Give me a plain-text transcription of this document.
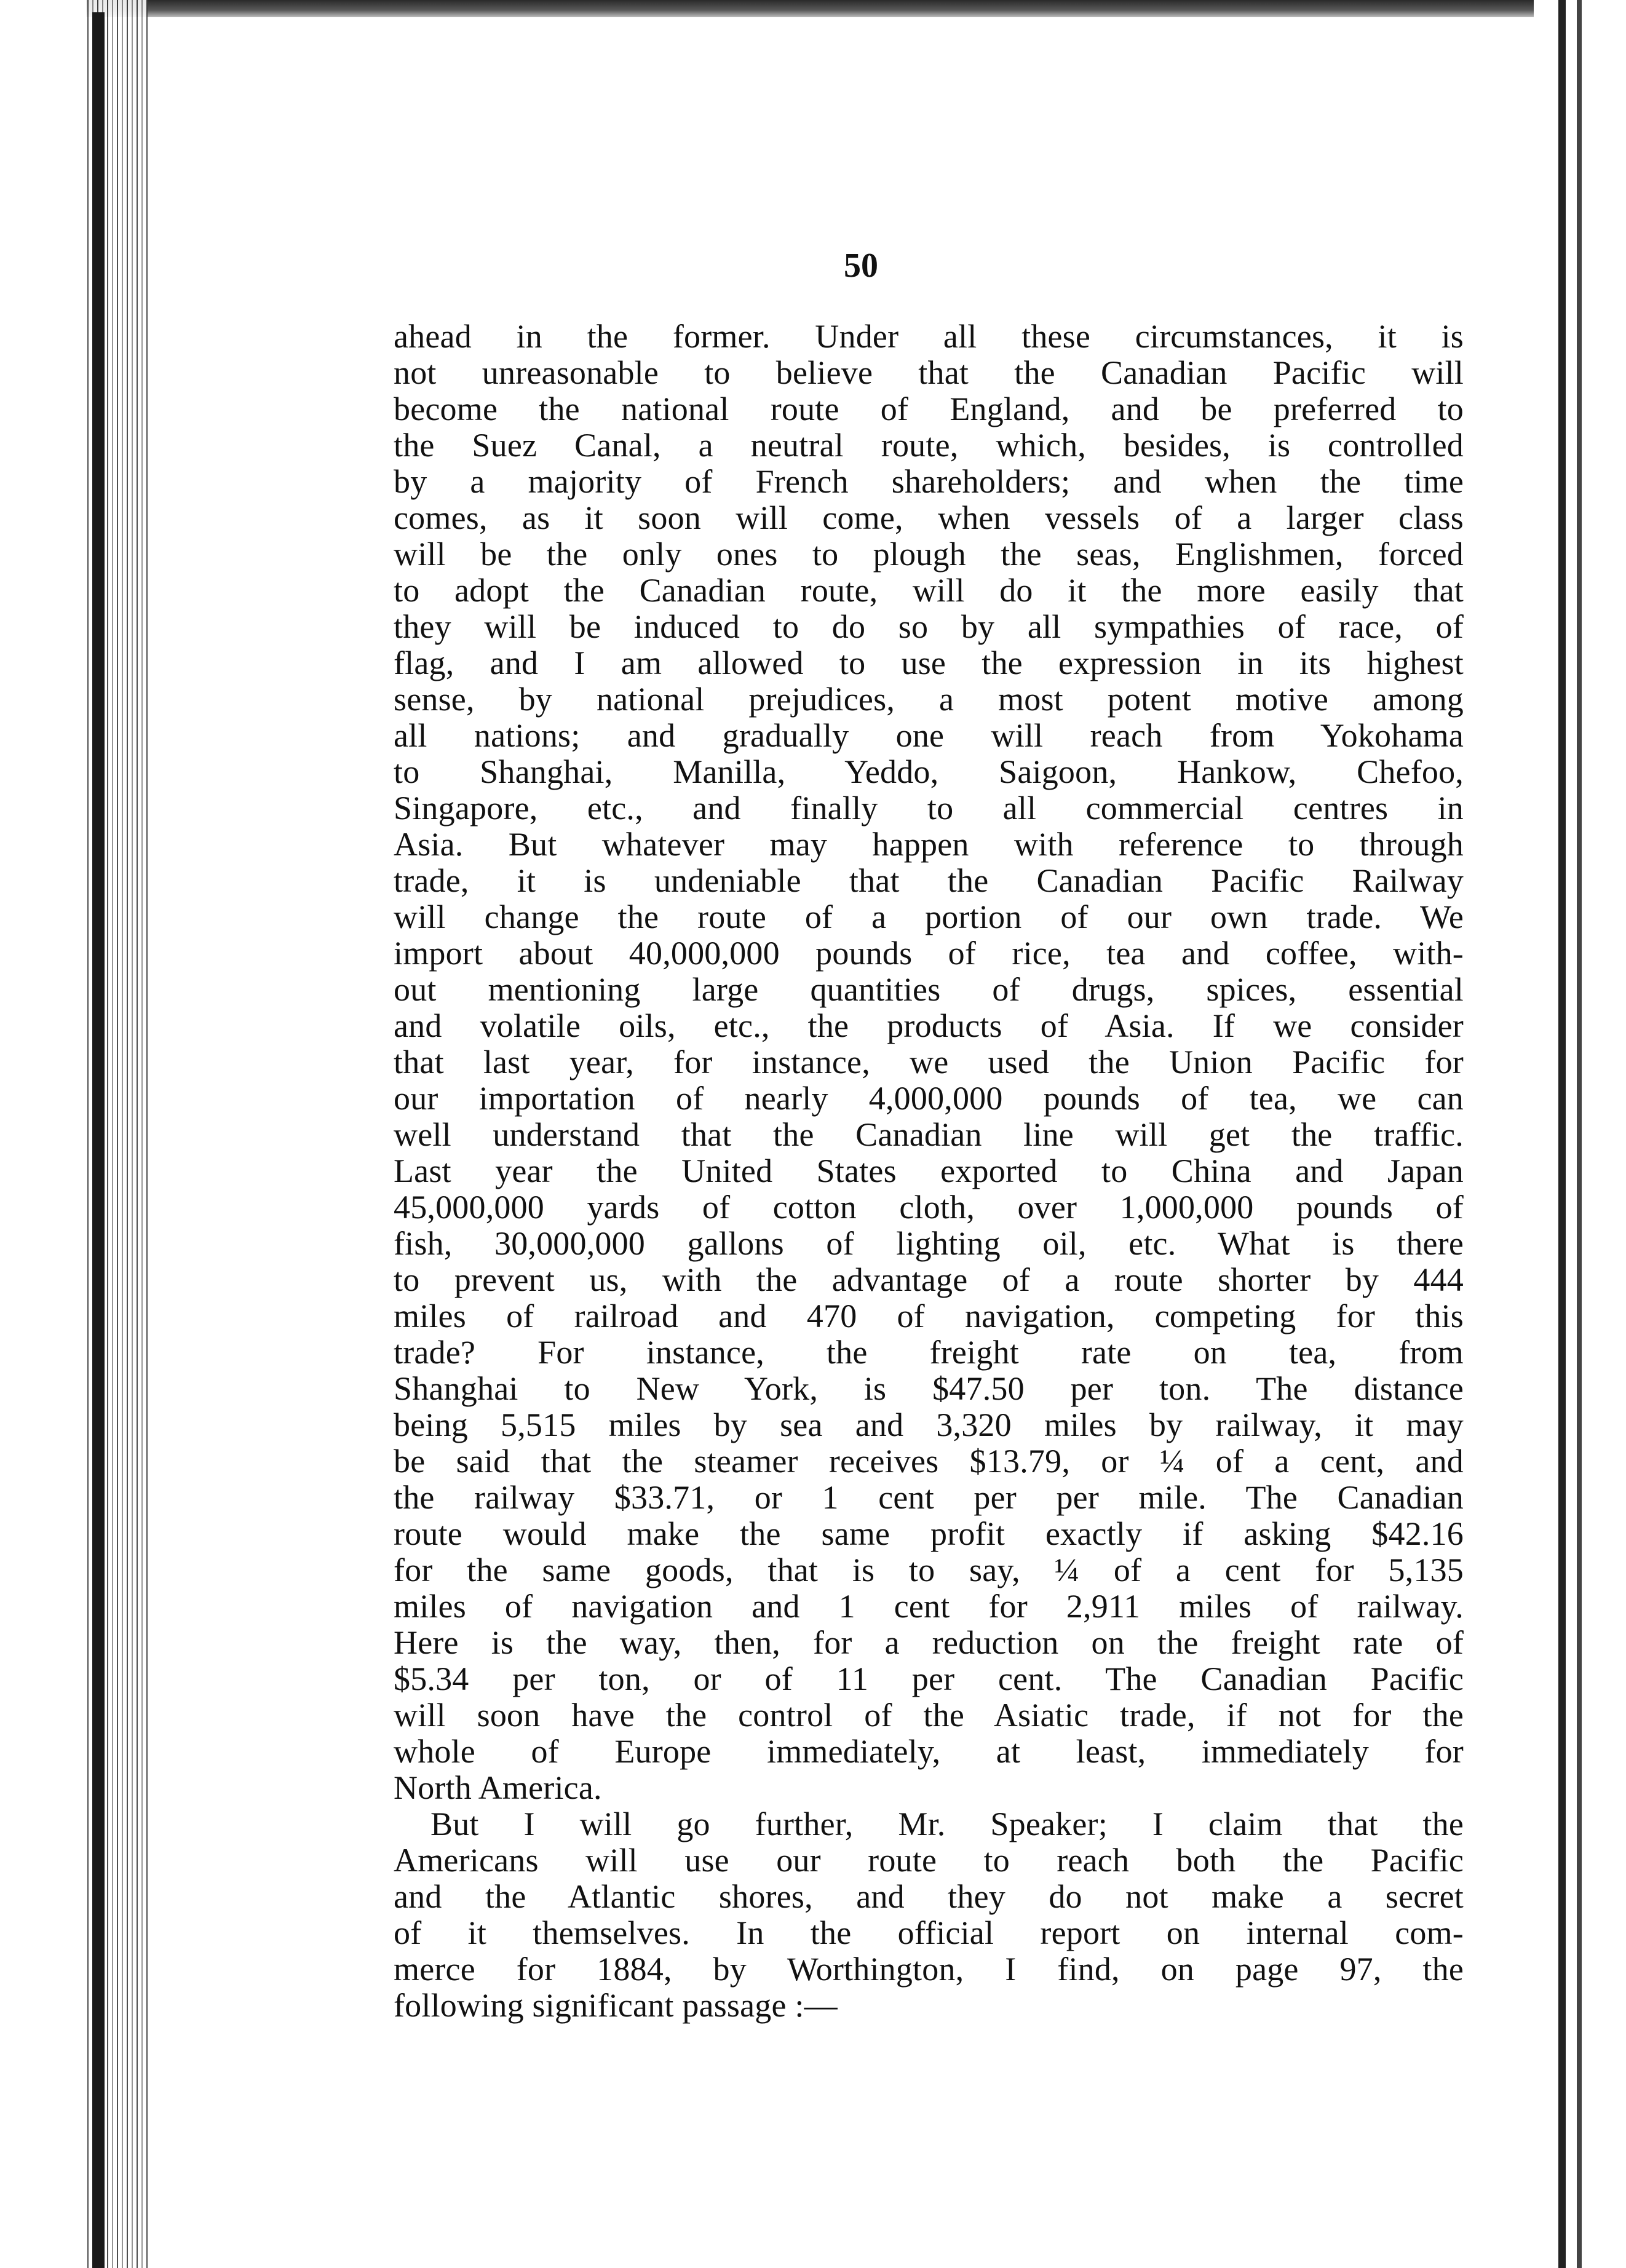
50
ahead in the former. Under all these circumstances, it is
not unreasonable to believe that the Canadian Pacific will
become the national route of England, and be preferred to
the Suez Canal, a neutral route, which, besides, is controlled
by a majority of French shareholders; and when the time
comes, as it soon will come, when vessels of a larger class
will be the only ones to plough the seas, Englishmen, forced
to adopt the Canadian route, will do it the more easily that
they will be induced to do so by all sympathies of race, of
flag, and I am allowed to use the expression in its highest
sense, by national prejudices, a most potent motive among
all nations; and gradually one will reach from Yokohama
to Shanghai, Manilla, Yeddo, Saigoon, Hankow, Chefoo,
Singapore, etc., and finally to all commercial centres in
Asia. But whatever may happen with reference to through
trade, it is undeniable that the Canadian Pacific Railway
will change the route of a portion of our own trade. We
import about 40,000,000 pounds of rice, tea and coffee, with-
out mentioning large quantities of drugs, spices, essential
and volatile oils, etc., the products of Asia. If we consider
that last year, for instance, we used the Union Pacific for
our importation of nearly 4,000,000 pounds of tea, we can
well understand that the Canadian line will get the traffic.
Last year the United States exported to China and Japan
45,000,000 yards of cotton cloth, over 1,000,000 pounds of
fish, 30,000,000 gallons of lighting oil, etc. What is there
to prevent us, with the advantage of a route shorter by 444
miles of railroad and 470 of navigation, competing for this
trade? For instance, the freight rate on tea, from
Shanghai to New York, is $47.50 per ton. The distance
being 5,515 miles by sea and 3,320 miles by railway, it may
be said that the steamer receives $13.79, or ¼ of a cent, and
the railway $33.71, or 1 cent per per mile. The Canadian
route would make the same profit exactly if asking $42.16
for the same goods, that is to say, ¼ of a cent for 5,135
miles of navigation and 1 cent for 2,911 miles of railway.
Here is the way, then, for a reduction on the freight rate of
$5.34 per ton, or of 11 per cent. The Canadian Pacific
will soon have the control of the Asiatic trade, if not for the
whole of Europe immediately, at least, immediately for
North America.
But I will go further, Mr. Speaker; I claim that the
Americans will use our route to reach both the Pacific
and the Atlantic shores, and they do not make a secret
of it themselves. In the official report on internal com-
merce for 1884, by Worthington, I find, on page 97, the
following significant passage :—
